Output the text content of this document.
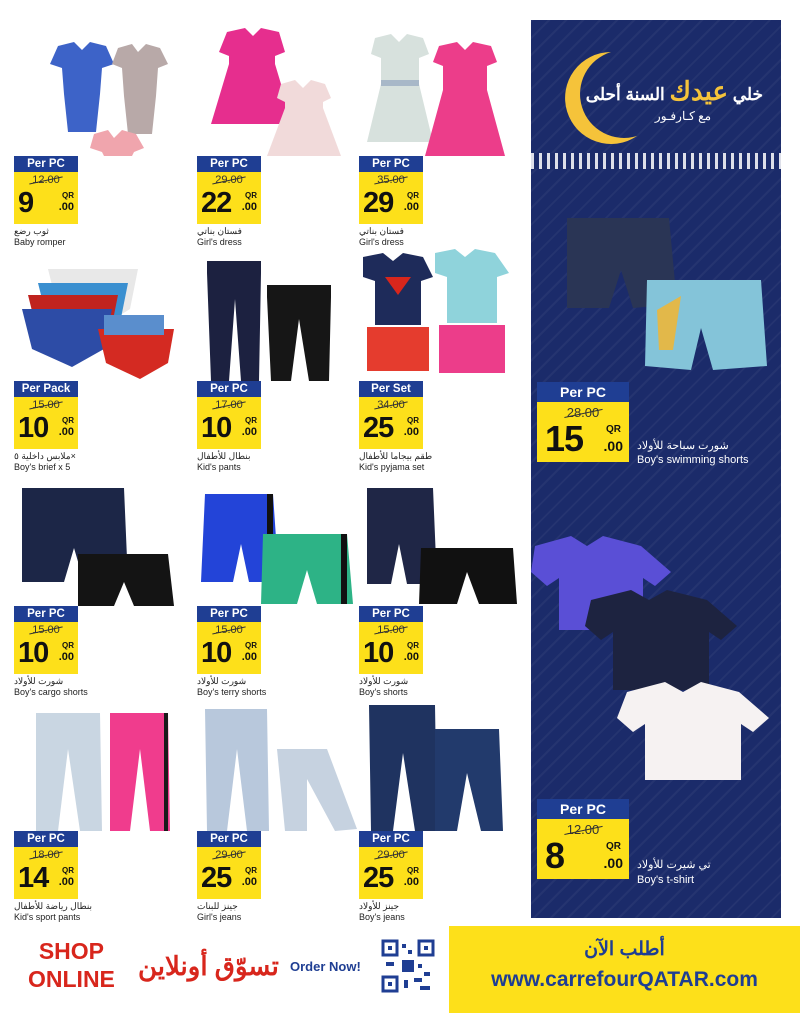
Per PC
12.00
9	QR
.00
ثوب رضع
Baby romper
Per PC
29.00
22 QR
.00
فستان بناتي
Girl's dress
Per PC
35.00
29 QR
.00
فستان بناتي
Girl's dress
Per Pack
15.00
10 QR
.00
ملابس داخلية ٥×
Boy's brief x 5
Per PC
17.00
10 QR
.00
بنطال للأطفال
Kid's pants
Per Set
34.00
25 QR
.00
طقم بيجاما للأطفال
Kid's pyjama set
Per PC
15.00
10 QR
.00
شورت للأولاد
Boy's cargo shorts
Per PC
15.00
10 QR
.00
شورت للأولاد
Boy's terry shorts
Per PC
15.00
10 QR
.00
شورت للأولاد
Boy's shorts
Per PC
18.00
14 QR
.00
بنطال رياضة للأطفال
Kid's sport pants
Per PC
29.00
25 QR
.00
جينز للبنات
Girl's jeans
Per PC
29.00
25 QR
.00
جينز للأولاد
Boy's jeans
خلي عيدك السنة أحلى
مع كـارفـور
Per PC
28.00
15 QR
.00 شورت سباحة للأولاد
Boy's swimming shorts
Per PC
12.00
8	QR
.00 تي شيرت للأولاد
Boy's t-shirt
SHOP
ONLINE تسوّق أونلاين Order Now!
أطلب الآن
www.carrefourQATAR.com
